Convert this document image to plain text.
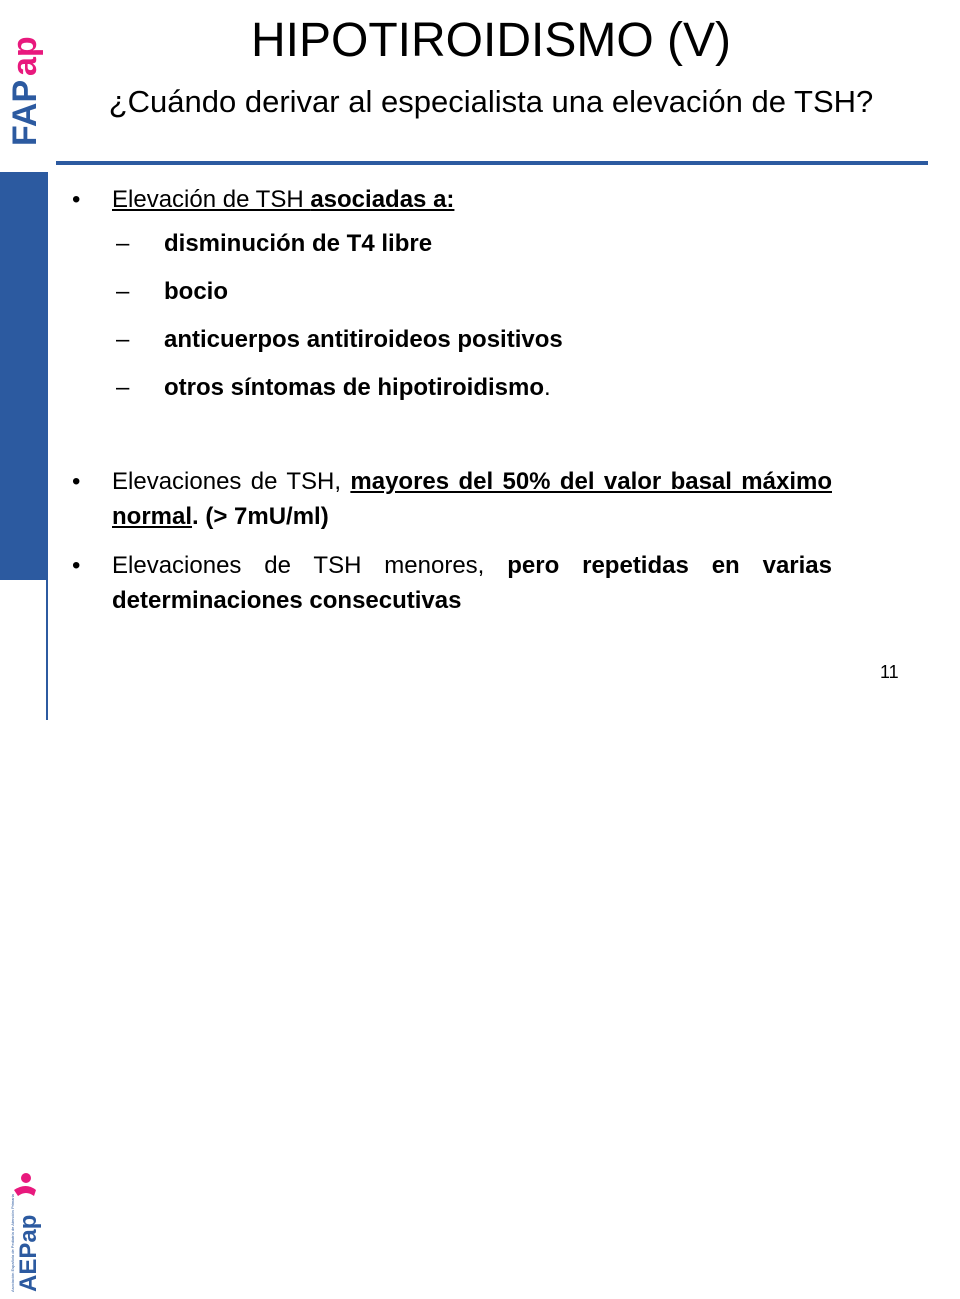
FAP
ap
AEPap
Asociación Española de Pediatría de Atención Primaria
HIPOTIROIDISMO (V)
¿Cuándo derivar al especialista una elevación de TSH?

• Elevación de TSH asociadas a:

– disminución de T4 libre

– bocio

– anticuerpos antitiroideos positivos

– otros síntomas de hipotiroidismo.

• Elevaciones de TSH, mayores del 50% del valor basal máximo normal. (> 7mU/ml)

• Elevaciones de TSH menores, pero repetidas en varias determinaciones consecutivas

11
